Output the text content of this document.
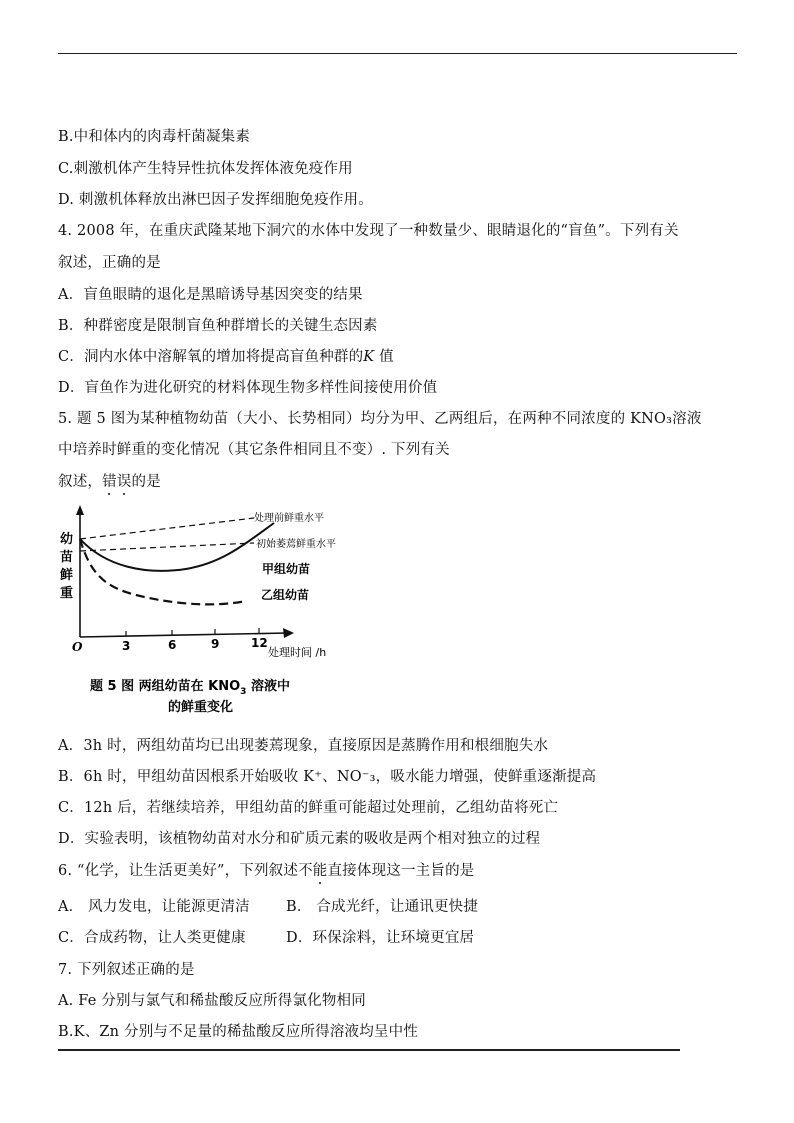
B.中和体内的肉毒杆菌凝集素
C.刺激机体产生特异性抗体发挥体液免疫作用
D. 刺激机体释放出淋巴因子发挥细胞免疫作用。
4. 2008 年，在重庆武隆某地下洞穴的水体中发现了一种数量少、眼睛退化的“盲鱼”。下列有关
叙述，正确的是
A．盲鱼眼睛的退化是黑暗诱导基因突变的结果
B．种群密度是限制盲鱼种群增长的关键生态因素
C．洞内水体中溶解氧的增加将提高盲鱼种群的K 值
D．盲鱼作为进化研究的材料体现生物多样性间接使用价值
5. 题 5 图为某种植物幼苗（大小、长势相同）均分为甲、乙两组后，在两种不同浓度的 KNO₃溶液
中培养时鲜重的变化情况（其它条件相同且不变）. 下列有关
叙述，错误的是
幼
苗
鲜
重
处理前鲜重水平
初始萎蔫鲜重水平
甲组幼苗
乙组幼苗
O	3	6	9	12
处理时间 /h
题 5 图 两组幼苗在 $KNO_3$ 溶液中
的鲜重变化
A．3h 时，两组幼苗均已出现萎蔫现象，直接原因是蒸腾作用和根细胞失水
B．6h 时，甲组幼苗因根系开始吸收 K⁺、NO⁻₃，吸水能力增强，使鲜重逐渐提高
C．12h 后，若继续培养，甲组幼苗的鲜重可能超过处理前，乙组幼苗将死亡
D．实验表明，该植物幼苗对水分和矿质元素的吸收是两个相对独立的过程
6. “化学，让生活更美好”，下列叙述不能直接体现这一主旨的是
A． 风力发电，让能源更清洁 B． 合成光纤，让通讯更快捷
C．合成药物，让人类更健康	D．环保涂料，让环境更宜居
7. 下列叙述正确的是
A. Fe 分别与氯气和稀盐酸反应所得氯化物相同
B.K、Zn 分别与不足量的稀盐酸反应所得溶液均呈中性
